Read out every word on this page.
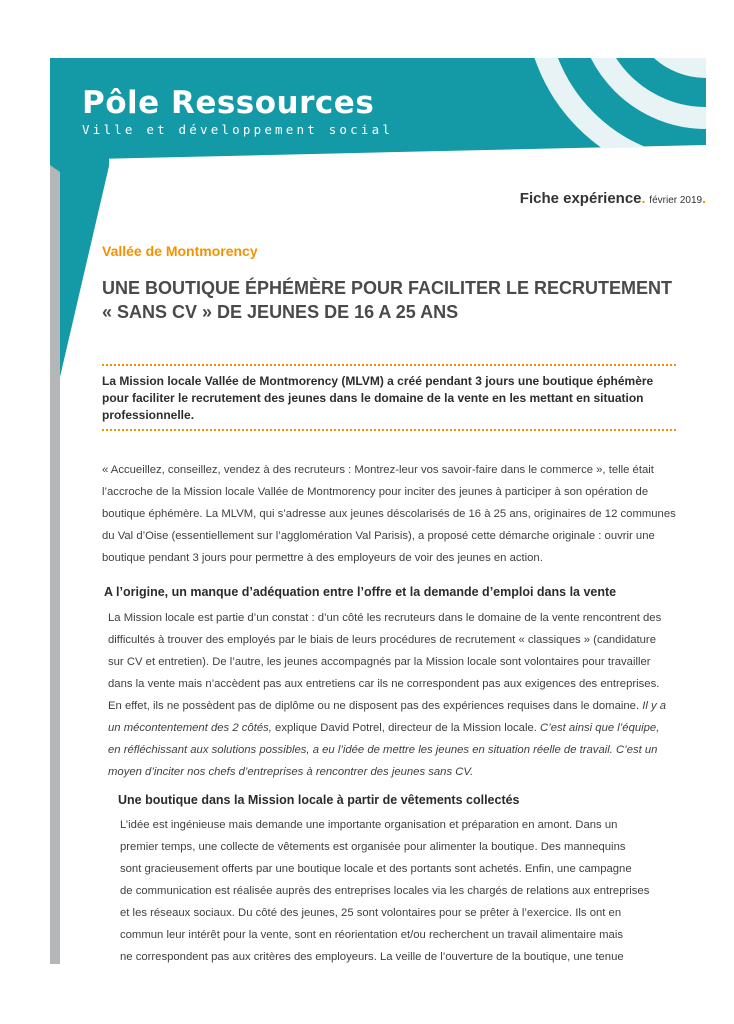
Pôle Ressources
Ville et développement social
Fiche expérience. février 2019.
Vallée de Montmorency
UNE BOUTIQUE ÉPHÉMÈRE POUR FACILITER LE RECRUTEMENT
« SANS CV » DE JEUNES DE 16 A 25 ANS
La Mission locale Vallée de Montmorency (MLVM) a créé pendant 3 jours une boutique éphémère
pour faciliter le recrutement des jeunes dans le domaine de la vente en les mettant en situation
professionnelle.
« Accueillez, conseillez, vendez à des recruteurs : Montrez-leur vos savoir-faire dans le commerce », telle était
l’accroche de la Mission locale Vallée de Montmorency pour inciter des jeunes à participer à son opération de
boutique éphémère. La MLVM, qui s’adresse aux jeunes déscolarisés de 16 à 25 ans, originaires de 12 communes
du Val d’Oise (essentiellement sur l’agglomération Val Parisis), a proposé cette démarche originale : ouvrir une
boutique pendant 3 jours pour permettre à des employeurs de voir des jeunes en action.
A l’origine, un manque d’adéquation entre l’offre et la demande d’emploi dans la vente
La Mission locale est partie d’un constat : d’un côté les recruteurs dans le domaine de la vente rencontrent des
difficultés à trouver des employés par le biais de leurs procédures de recrutement « classiques » (candidature
sur CV et entretien). De l’autre, les jeunes accompagnés par la Mission locale sont volontaires pour travailler
dans la vente mais n’accèdent pas aux entretiens car ils ne correspondent pas aux exigences des entreprises.
En effet, ils ne possèdent pas de diplôme ou ne disposent pas des expériences requises dans le domaine. Il y a
un mécontentement des 2 côtés, explique David Potrel, directeur de la Mission locale. C’est ainsi que l’équipe,
en réfléchissant aux solutions possibles, a eu l’idée de mettre les jeunes en situation réelle de travail. C’est un
moyen d’inciter nos chefs d’entreprises à rencontrer des jeunes sans CV.
Une boutique dans la Mission locale à partir de vêtements collectés
L’idée est ingénieuse mais demande une importante organisation et préparation en amont. Dans un
premier temps, une collecte de vêtements est organisée pour alimenter la boutique. Des mannequins
sont gracieusement offerts par une boutique locale et des portants sont achetés. Enfin, une campagne
de communication est réalisée auprès des entreprises locales via les chargés de relations aux entreprises
et les réseaux sociaux. Du côté des jeunes, 25 sont volontaires pour se prêter à l’exercice. Ils ont en
commun leur intérêt pour la vente, sont en réorientation et/ou recherchent un travail alimentaire mais
ne correspondent pas aux critères des employeurs. La veille de l’ouverture de la boutique, une tenue
